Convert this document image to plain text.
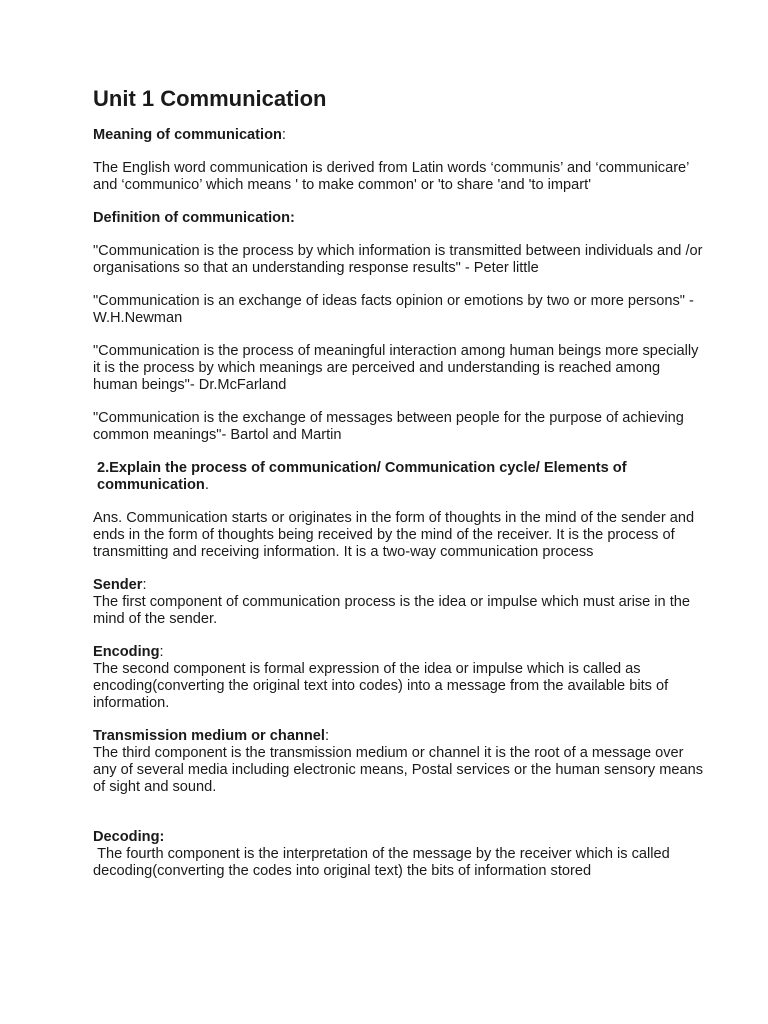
Unit 1 Communication

Meaning of communication:

The English word communication is derived from Latin words ‘communis’ and ‘communicare’ and ‘communico’ which means ' to make common' or 'to share 'and 'to impart'

Definition of communication:

"Communication is the process by which information is transmitted between individuals and /or organisations so that an understanding response results" - Peter little

"Communication is an exchange of ideas facts opinion or emotions by two or more persons" - W.H.Newman

"Communication is the process of meaningful interaction among human beings more specially it is the process by which meanings are perceived and understanding is reached among human beings"- Dr.McFarland

"Communication is the exchange of messages between people for the purpose of achieving common meanings"- Bartol and Martin

2.Explain the process of communication/ Communication cycle/ Elements of communication.

Ans. Communication starts or originates in the form of thoughts in the mind of the sender and ends in the form of thoughts being received by the mind of the receiver. It is the process of transmitting and receiving information. It is a two-way communication process

Sender:

The first component of communication process is the idea or impulse which must arise in the mind of the sender.

Encoding:

The second component is formal expression of the idea or impulse which is called as encoding(converting the original text into codes) into a message from the available bits of information.

Transmission medium or channel:

The third component is the transmission medium or channel it is the root of a message over any of several media including electronic means, Postal services or the human sensory means of sight and sound.

Decoding:

The fourth component is the interpretation of the message by the receiver which is called decoding(converting the codes into original text) the bits of information stored
